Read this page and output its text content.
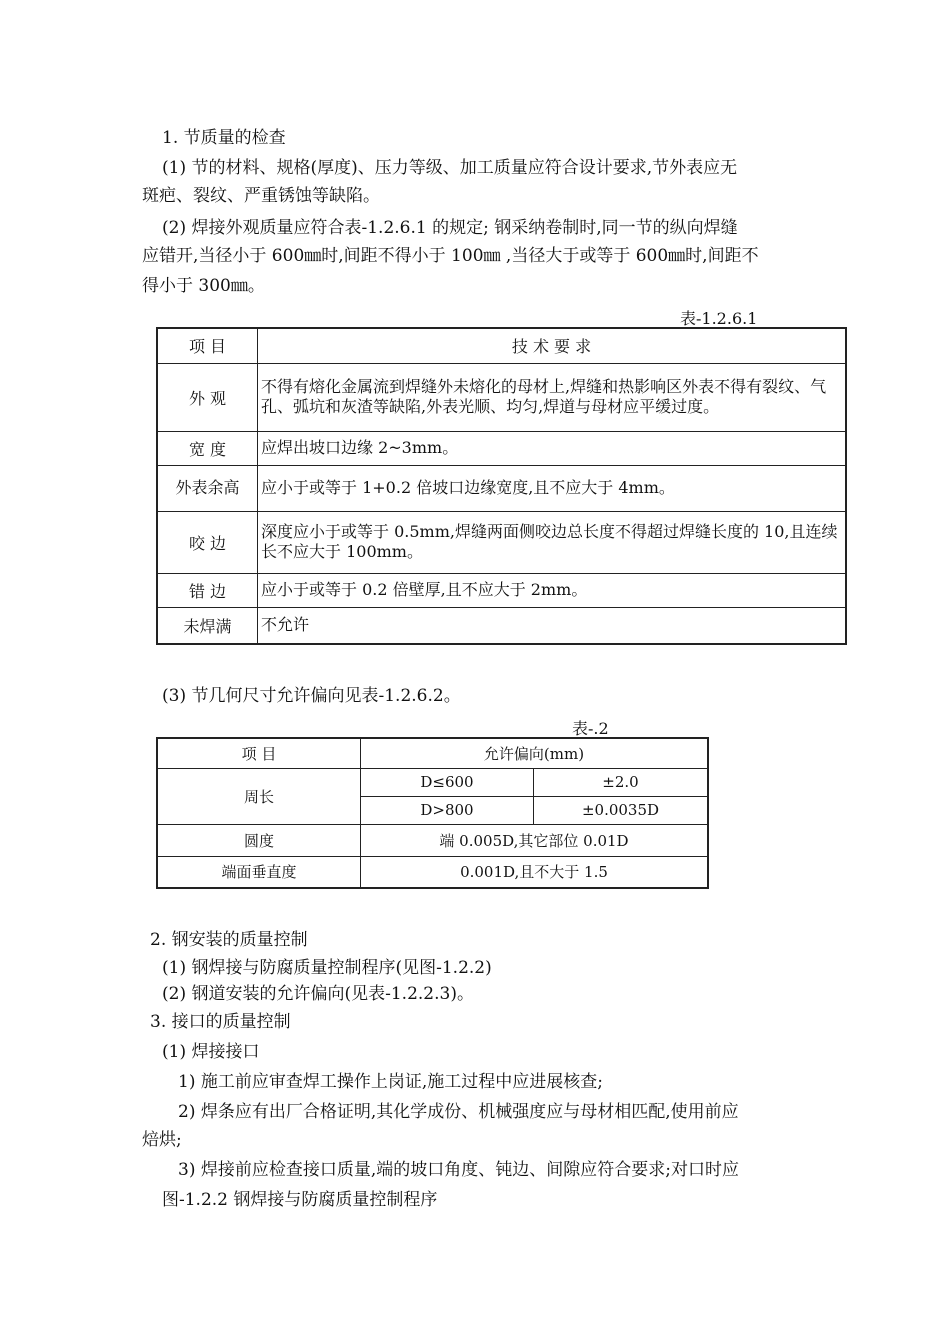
1. 节质量的检查
(1) 节的材料、规格(厚度)、压力等级、加工质量应符合设计要求,节外表应无
斑疤、裂纹、严重锈蚀等缺陷。
(2) 焊接外观质量应符合表-1.2.6.1 的规定; 钢采纳卷制时,同一节的纵向焊缝
应错开,当径小于 600㎜时,间距不得小于 100㎜ ,当径大于或等于 600㎜时,间距不
得小于 300㎜。
表-1.2.6.1
项 目	技 术 要 求
外 观	不得有熔化金属流到焊缝外未熔化的母材上,焊缝和热影响区外表不得有裂纹、气孔、弧坑和灰渣等缺陷,外表光顺、均匀,焊道与母材应平缓过度。
宽 度	应焊出坡口边缘 2~3mm。
外表余高	应小于或等于 1+0.2 倍坡口边缘宽度,且不应大于 4mm。
咬 边	深度应小于或等于 0.5mm,焊缝两面侧咬边总长度不得超过焊缝长度的 10,且连续长不应大于 100mm。
错 边	应小于或等于 0.2 倍壁厚,且不应大于 2mm。
未焊满	不允许
(3) 节几何尺寸允许偏向见表-1.2.6.2。
表-.2
项 目	允许偏向(mm)	
周长	D≤600	±2.0
	D>800	±0.0035D
圆度	端 0.005D,其它部位 0.01D	
端面垂直度	0.001D,且不大于 1.5	
2. 钢安装的质量控制
(1) 钢焊接与防腐质量控制程序(见图-1.2.2)
(2) 钢道安装的允许偏向(见表-1.2.2.3)。
3. 接口的质量控制
(1) 焊接接口
1) 施工前应审查焊工操作上岗证,施工过程中应进展核查;
2) 焊条应有出厂合格证明,其化学成份、机械强度应与母材相匹配,使用前应
焙烘;
3) 焊接前应检查接口质量,端的坡口角度、钝边、间隙应符合要求;对口时应
图-1.2.2 钢焊接与防腐质量控制程序
